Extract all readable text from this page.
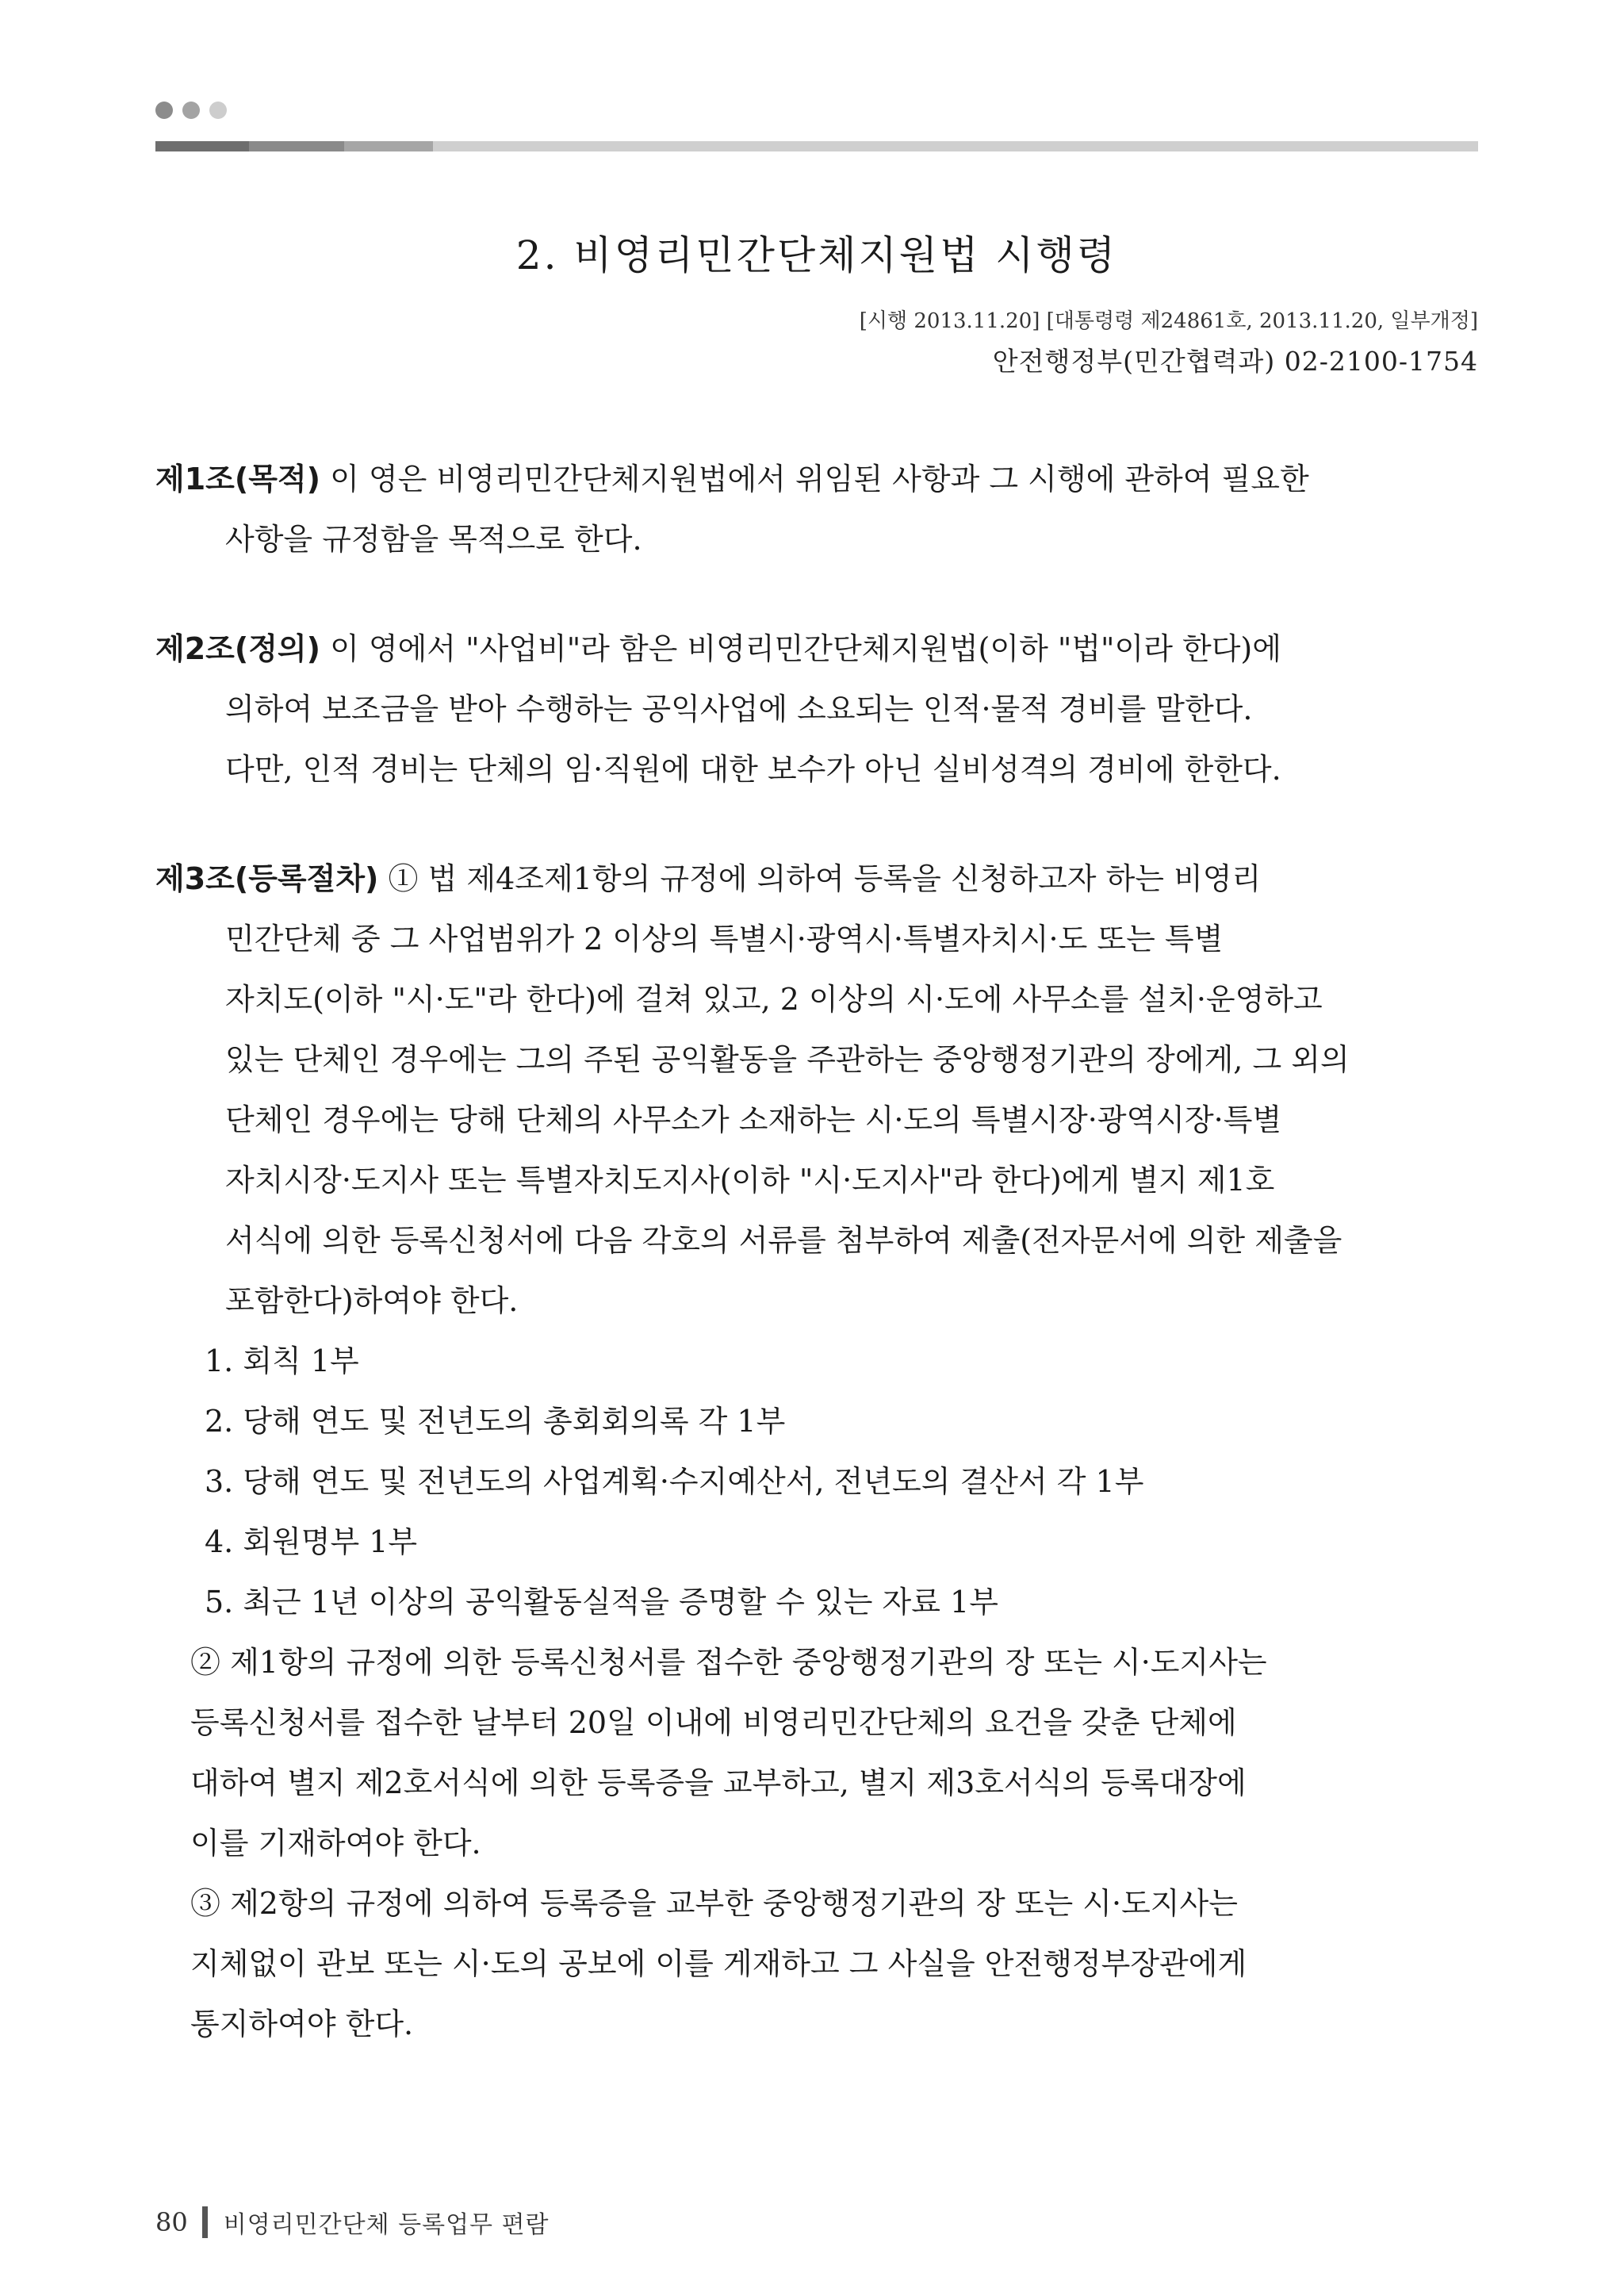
2. 비영리민간단체지원법 시행령
[시행 2013.11.20] [대통령령 제24861호, 2013.11.20, 일부개정]
안전행정부(민간협력과) 02-2100-1754

제1조(목적) 이 영은 비영리민간단체지원법에서 위임된 사항과 그 시행에 관하여 필요한

사항을 규정함을 목적으로 한다.

제2조(정의) 이 영에서 "사업비"라 함은 비영리민간단체지원법(이하 "법"이라 한다)에

의하여 보조금을 받아 수행하는 공익사업에 소요되는 인적·물적 경비를 말한다.

다만, 인적 경비는 단체의 임·직원에 대한 보수가 아닌 실비성격의 경비에 한한다.

제3조(등록절차) ① 법 제4조제1항의 규정에 의하여 등록을 신청하고자 하는 비영리

민간단체 중 그 사업범위가 2 이상의 특별시·광역시·특별자치시·도 또는 특별

자치도(이하 "시·도"라 한다)에 걸쳐 있고, 2 이상의 시·도에 사무소를 설치·운영하고

있는 단체인 경우에는 그의 주된 공익활동을 주관하는 중앙행정기관의 장에게, 그 외의

단체인 경우에는 당해 단체의 사무소가 소재하는 시·도의 특별시장·광역시장·특별

자치시장·도지사 또는 특별자치도지사(이하 "시·도지사"라 한다)에게 별지 제1호

서식에 의한 등록신청서에 다음 각호의 서류를 첨부하여 제출(전자문서에 의한 제출을

포함한다)하여야 한다.

1. 회칙 1부
2. 당해 연도 및 전년도의 총회회의록 각 1부
3. 당해 연도 및 전년도의 사업계획·수지예산서, 전년도의 결산서 각 1부
4. 회원명부 1부
5. 최근 1년 이상의 공익활동실적을 증명할 수 있는 자료 1부
② 제1항의 규정에 의한 등록신청서를 접수한 중앙행정기관의 장 또는 시·도지사는
등록신청서를 접수한 날부터 20일 이내에 비영리민간단체의 요건을 갖춘 단체에
대하여 별지 제2호서식에 의한 등록증을 교부하고, 별지 제3호서식의 등록대장에
이를 기재하여야 한다.
③ 제2항의 규정에 의하여 등록증을 교부한 중앙행정기관의 장 또는 시·도지사는
지체없이 관보 또는 시·도의 공보에 이를 게재하고 그 사실을 안전행정부장관에게
통지하여야 한다.
80 비영리민간단체 등록업무 편람
